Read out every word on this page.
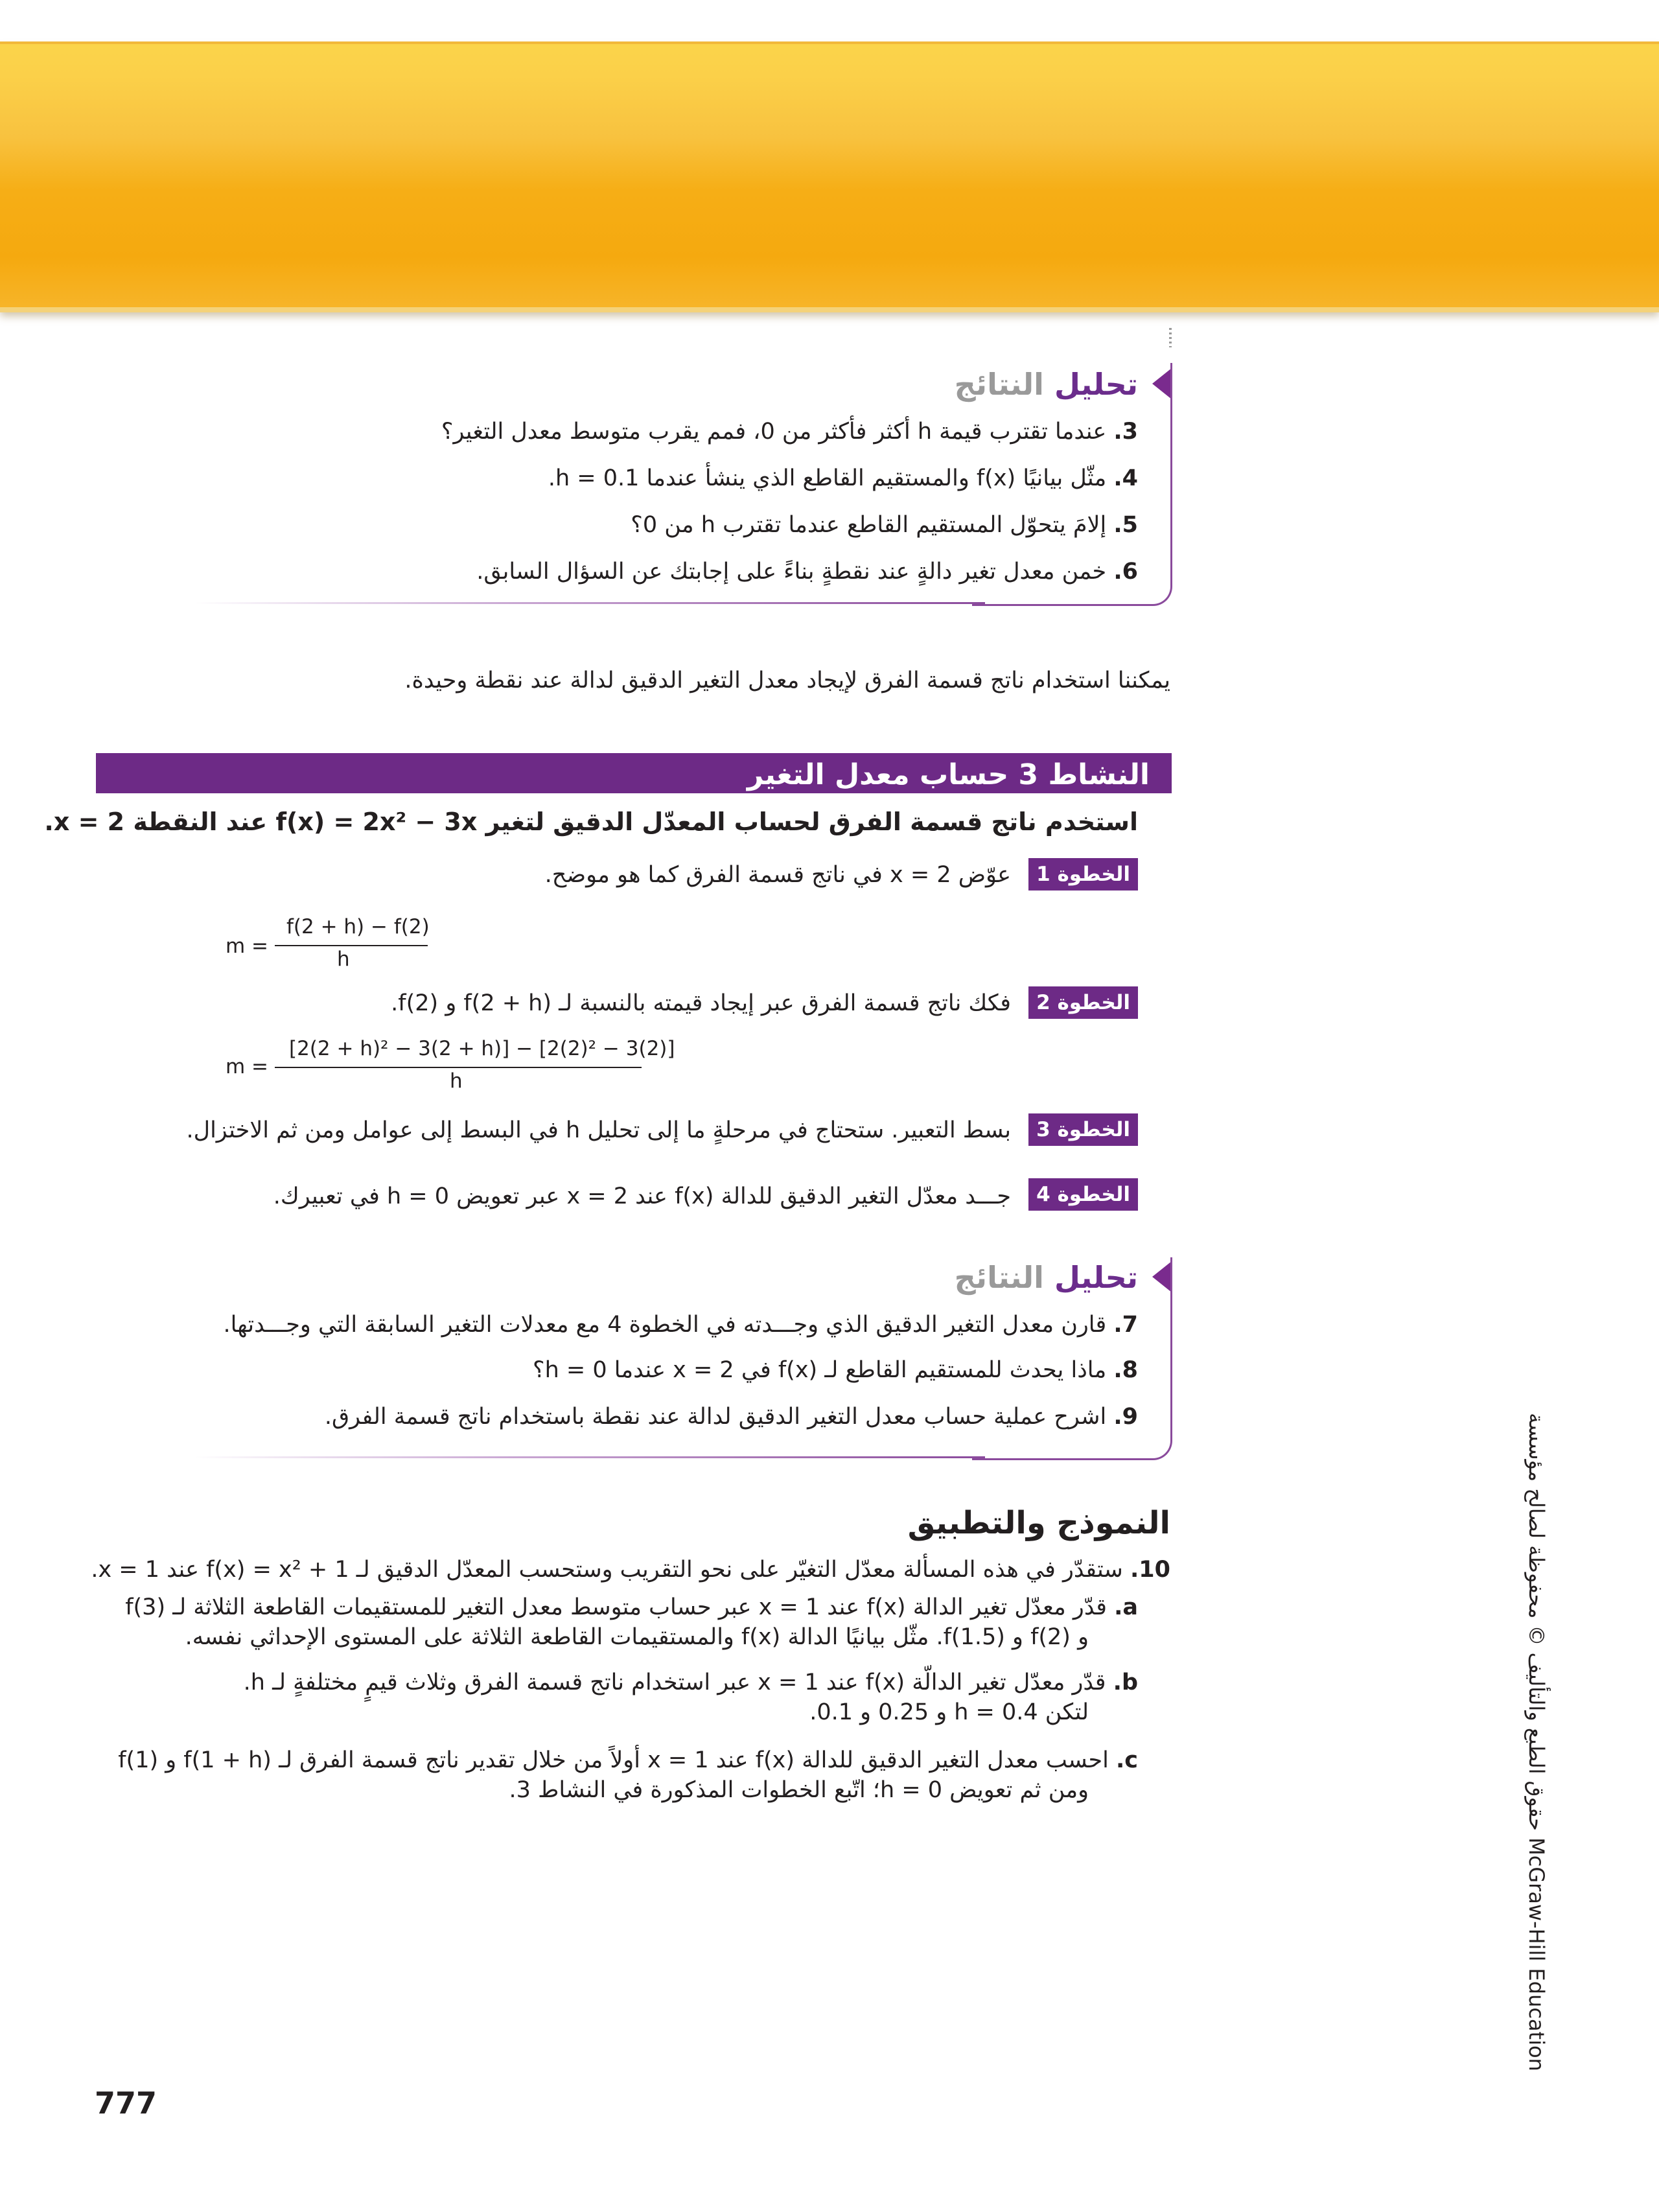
تحليل النتائج
3. عندما تقترب قيمة h أكثر فأكثر من 0، فمم يقرب متوسط معدل التغير؟
4. مثّل بيانيًا f(x) والمستقيم القاطع الذي ينشأ عندما h = 0.1.
5. إلامَ يتحوّل المستقيم القاطع عندما تقترب h من 0؟
6. خمن معدل تغير دالةٍ عند نقطةٍ بناءً على إجابتك عن السؤال السابق.
يمكننا استخدام ناتج قسمة الفرق لإيجاد معدل التغير الدقيق لدالة عند نقطة وحيدة.
النشاط 3 حساب معدل التغير
استخدم ناتج قسمة الفرق لحساب المعدّل الدقيق لتغير f(x) = 2x² − 3x عند النقطة x = 2.
الخطوة 1
عوّض x = 2 في ناتج قسمة الفرق كما هو موضح.
m =
f(2 + h) − f(2)
h
الخطوة 2
فكك ناتج قسمة الفرق عبر إيجاد قيمته بالنسبة لـ f(2 + h) و f(2).
m =
[2(2 + h)² − 3(2 + h)] − [2(2)² − 3(2)]
h
الخطوة 3
بسط التعبير. ستحتاج في مرحلةٍ ما إلى تحليل h في البسط إلى عوامل ومن ثم الاختزال.
الخطوة 4
جـــد معدّل التغير الدقيق للدالة f(x) عند x = 2 عبر تعويض h = 0 في تعبيرك.
تحليل النتائج
7. قارن معدل التغير الدقيق الذي وجـــدته في الخطوة 4 مع معدلات التغير السابقة التي وجـــدتها.
8. ماذا يحدث للمستقيم القاطع لـ f(x) في x = 2 عندما h = 0؟
9. اشرح عملية حساب معدل التغير الدقيق لدالة عند نقطة باستخدام ناتج قسمة الفرق.
النموذج والتطبيق
10. ستقدّر في هذه المسألة معدّل التغيّر على نحو التقريب وستحسب المعدّل الدقيق لـ f(x) = x² + 1 عند x = 1.
a. قدّر معدّل تغير الدالة f(x) عند x = 1 عبر حساب متوسط معدل التغير للمستقيمات القاطعة الثلاثة لـ f(3)
و f(2) و f(1.5). مثّل بيانيًا الدالة f(x) والمستقيمات القاطعة الثلاثة على المستوى الإحداثي نفسه.
b. قدّر معدّل تغير الدالّة f(x) عند x = 1 عبر استخدام ناتج قسمة الفرق وثلاث قيمٍ مختلفةٍ لـ h.
لتكن h = 0.4 و 0.25 و 0.1.
c. احسب معدل التغير الدقيق للدالة f(x) عند x = 1 أولاً من خلال تقدير ناتج قسمة الفرق لـ f(1 + h) و f(1)
ومن ثم تعويض h = 0؛ اتّبع الخطوات المذكورة في النشاط 3.	حقوق الطبع والتأليف © محفوظة لصالح مؤسسة McGraw-Hill Education
777
